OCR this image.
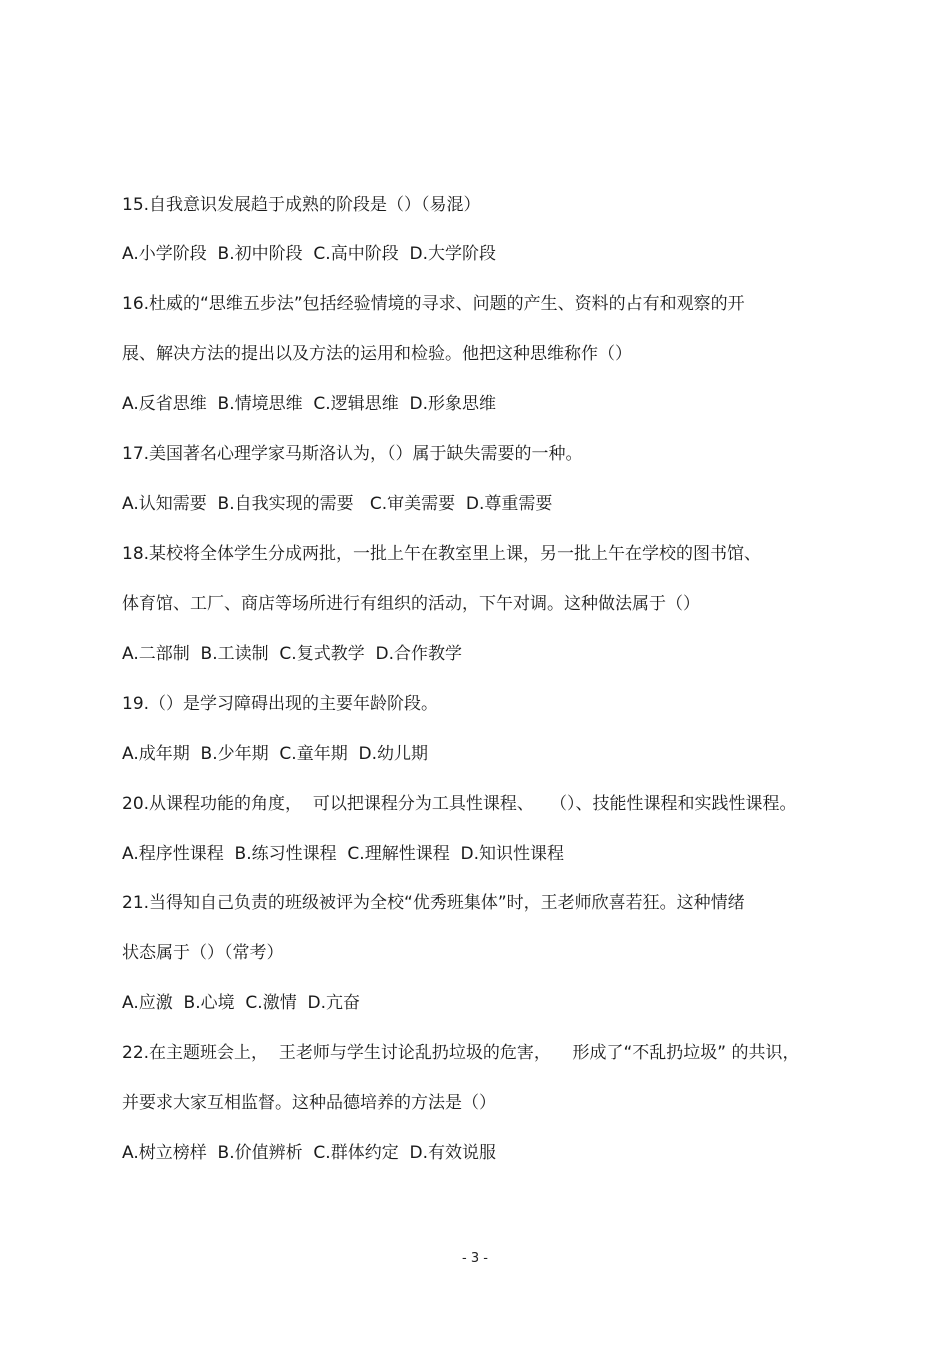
15.自我意识发展趋于成熟的阶段是（）（易混）
A.小学阶段  B.初中阶段  C.高中阶段  D.大学阶段
16.杜威的“思维五步法”包括经验情境的寻求、问题的产生、资料的占有和观察的开
展、解决方法的提出以及方法的运用和检验。他把这种思维称作（）
A.反省思维  B.情境思维  C.逻辑思维  D.形象思维
17.美国著名心理学家马斯洛认为，（）属于缺失需要的一种。
A.认知需要  B.自我实现的需要   C.审美需要  D.尊重需要
18.某校将全体学生分成两批，一批上午在教室里上课，另一批上午在学校的图书馆、
体育馆、工厂、商店等场所进行有组织的活动，下午对调。这种做法属于（）
A.二部制  B.工读制  C.复式教学  D.合作教学
19.（）是学习障碍出现的主要年龄阶段。
A.成年期  B.少年期  C.童年期  D.幼儿期
20.从课程功能的角度，  可以把课程分为工具性课程、   （）、技能性课程和实践性课程。
A.程序性课程  B.练习性课程  C.理解性课程  D.知识性课程
21.当得知自己负责的班级被评为全校“优秀班集体”时，王老师欣喜若狂。这种情绪
状态属于（）（常考）
A.应激  B.心境  C.激情  D.亢奋
22.在主题班会上，  王老师与学生讨论乱扔垃圾的危害，    形成了“不乱扔垃圾” 的共识，
并要求大家互相监督。这种品德培养的方法是（）
A.树立榜样  B.价值辨析  C.群体约定  D.有效说服
- 3 -
